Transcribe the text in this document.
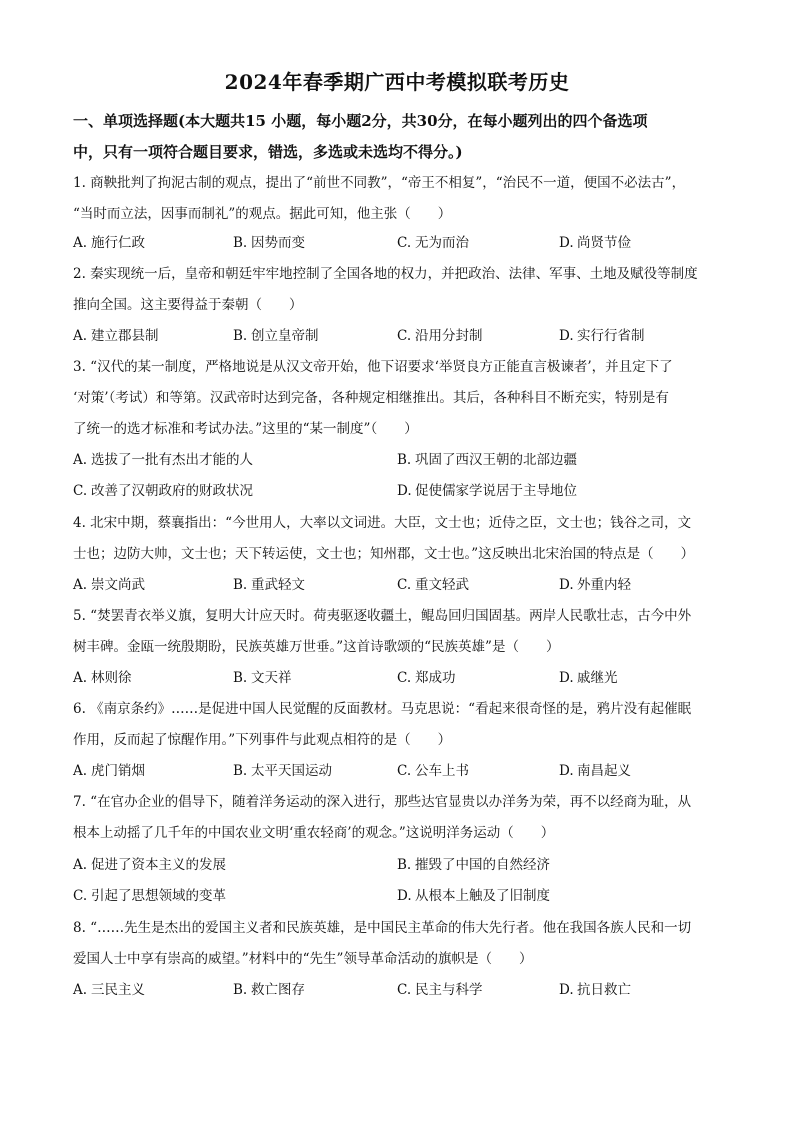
2024年春季期广西中考模拟联考历史
一、单项选择题(本大题共15 小题，每小题2分，共30分，在每小题列出的四个备选项
中，只有一项符合题目要求，错选，多选或未选均不得分。)
1. 商鞅批判了拘泥古制的观点，提出了“前世不同教”，“帝王不相复”，“治民不一道，便国不必法古”，
“当时而立法，因事而制礼”的观点。据此可知，他主张（　　）
A. 施行仁政	B. 因势而变	C. 无为而治	D. 尚贤节俭
2. 秦实现统一后，皇帝和朝廷牢牢地控制了全国各地的权力，并把政治、法律、军事、土地及赋役等制度
推向全国。这主要得益于秦朝（　　）
A. 建立郡县制	B. 创立皇帝制	C. 沿用分封制	D. 实行行省制
3. “汉代的某一制度，严格地说是从汉文帝开始，他下诏要求‘举贤良方正能直言极谏者’，并且定下了
‘对策’（考试）和等第。汉武帝时达到完备，各种规定相继推出。其后，各种科目不断充实，特别是有
了统一的选才标准和考试办法。”这里的“某一制度”（　　）
A. 选拔了一批有杰出才能的人	B. 巩固了西汉王朝的北部边疆
C. 改善了汉朝政府的财政状况	D. 促使儒家学说居于主导地位
4. 北宋中期，蔡襄指出：“今世用人，大率以文词进。大臣，文士也；近侍之臣，文士也；钱谷之司，文
士也；边防大帅，文士也；天下转运使，文士也；知州郡，文士也。”这反映出北宋治国的特点是（　　）
A. 崇文尚武	B. 重武轻文	C. 重文轻武	D. 外重内轻
5. “焚罢青衣举义旗，复明大计应天时。荷夷驱逐收疆土，鲲岛回归国固基。两岸人民歌壮志，古今中外
树丰碑。金瓯一统殷期盼，民族英雄万世垂。”这首诗歌颂的“民族英雄”是（　　）
A. 林则徐	B. 文天祥	C. 郑成功	D. 戚继光
6. 《南京条约》……是促进中国人民觉醒的反面教材。马克思说：“看起来很奇怪的是，鸦片没有起催眠
作用，反而起了惊醒作用。”下列事件与此观点相符的是（　　）
A. 虎门销烟	B. 太平天国运动	C. 公车上书	D. 南昌起义
7. “在官办企业的倡导下，随着洋务运动的深入进行，那些达官显贵以办洋务为荣，再不以经商为耻，从
根本上动摇了几千年的中国农业文明‘重农轻商’的观念。”这说明洋务运动（　　）
A. 促进了资本主义的发展	B. 摧毁了中国的自然经济
C. 引起了思想领域的变革	D. 从根本上触及了旧制度
8. “……先生是杰出的爱国主义者和民族英雄，是中国民主革命的伟大先行者。他在我国各族人民和一切
爱国人士中享有崇高的威望。”材料中的“先生”领导革命活动的旗帜是（　　）
A. 三民主义	B. 救亡图存	C. 民主与科学	D. 抗日救亡
